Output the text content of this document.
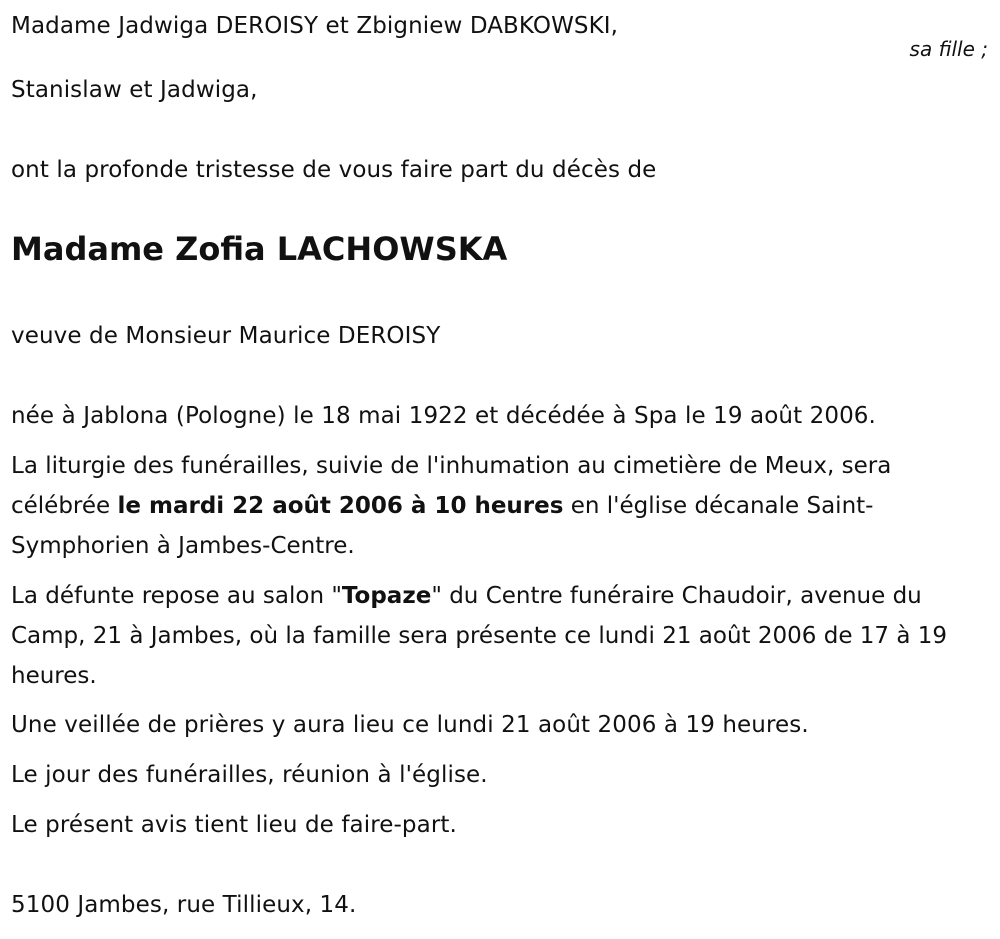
Madame Jadwiga DEROISY et Zbigniew DABKOWSKI,
sa fille ;
Stanislaw et Jadwiga,
ont la profonde tristesse de vous faire part du décès de
Madame Zofia LACHOWSKA
veuve de Monsieur Maurice DEROISY
née à Jablona (Pologne) le 18 mai 1922 et décédée à Spa le 19 août 2006.
La liturgie des funérailles, suivie de l'inhumation au cimetière de Meux, sera célébrée le mardi 22 août 2006 à 10 heures en l'église décanale Saint-Symphorien à Jambes-Centre.
La défunte repose au salon "Topaze" du Centre funéraire Chaudoir, avenue du Camp, 21 à Jambes, où la famille sera présente ce lundi 21 août 2006 de 17 à 19 heures.
Une veillée de prières y aura lieu ce lundi 21 août 2006 à 19 heures.
Le jour des funérailles, réunion à l'église.
Le présent avis tient lieu de faire-part.
5100 Jambes, rue Tillieux, 14.
